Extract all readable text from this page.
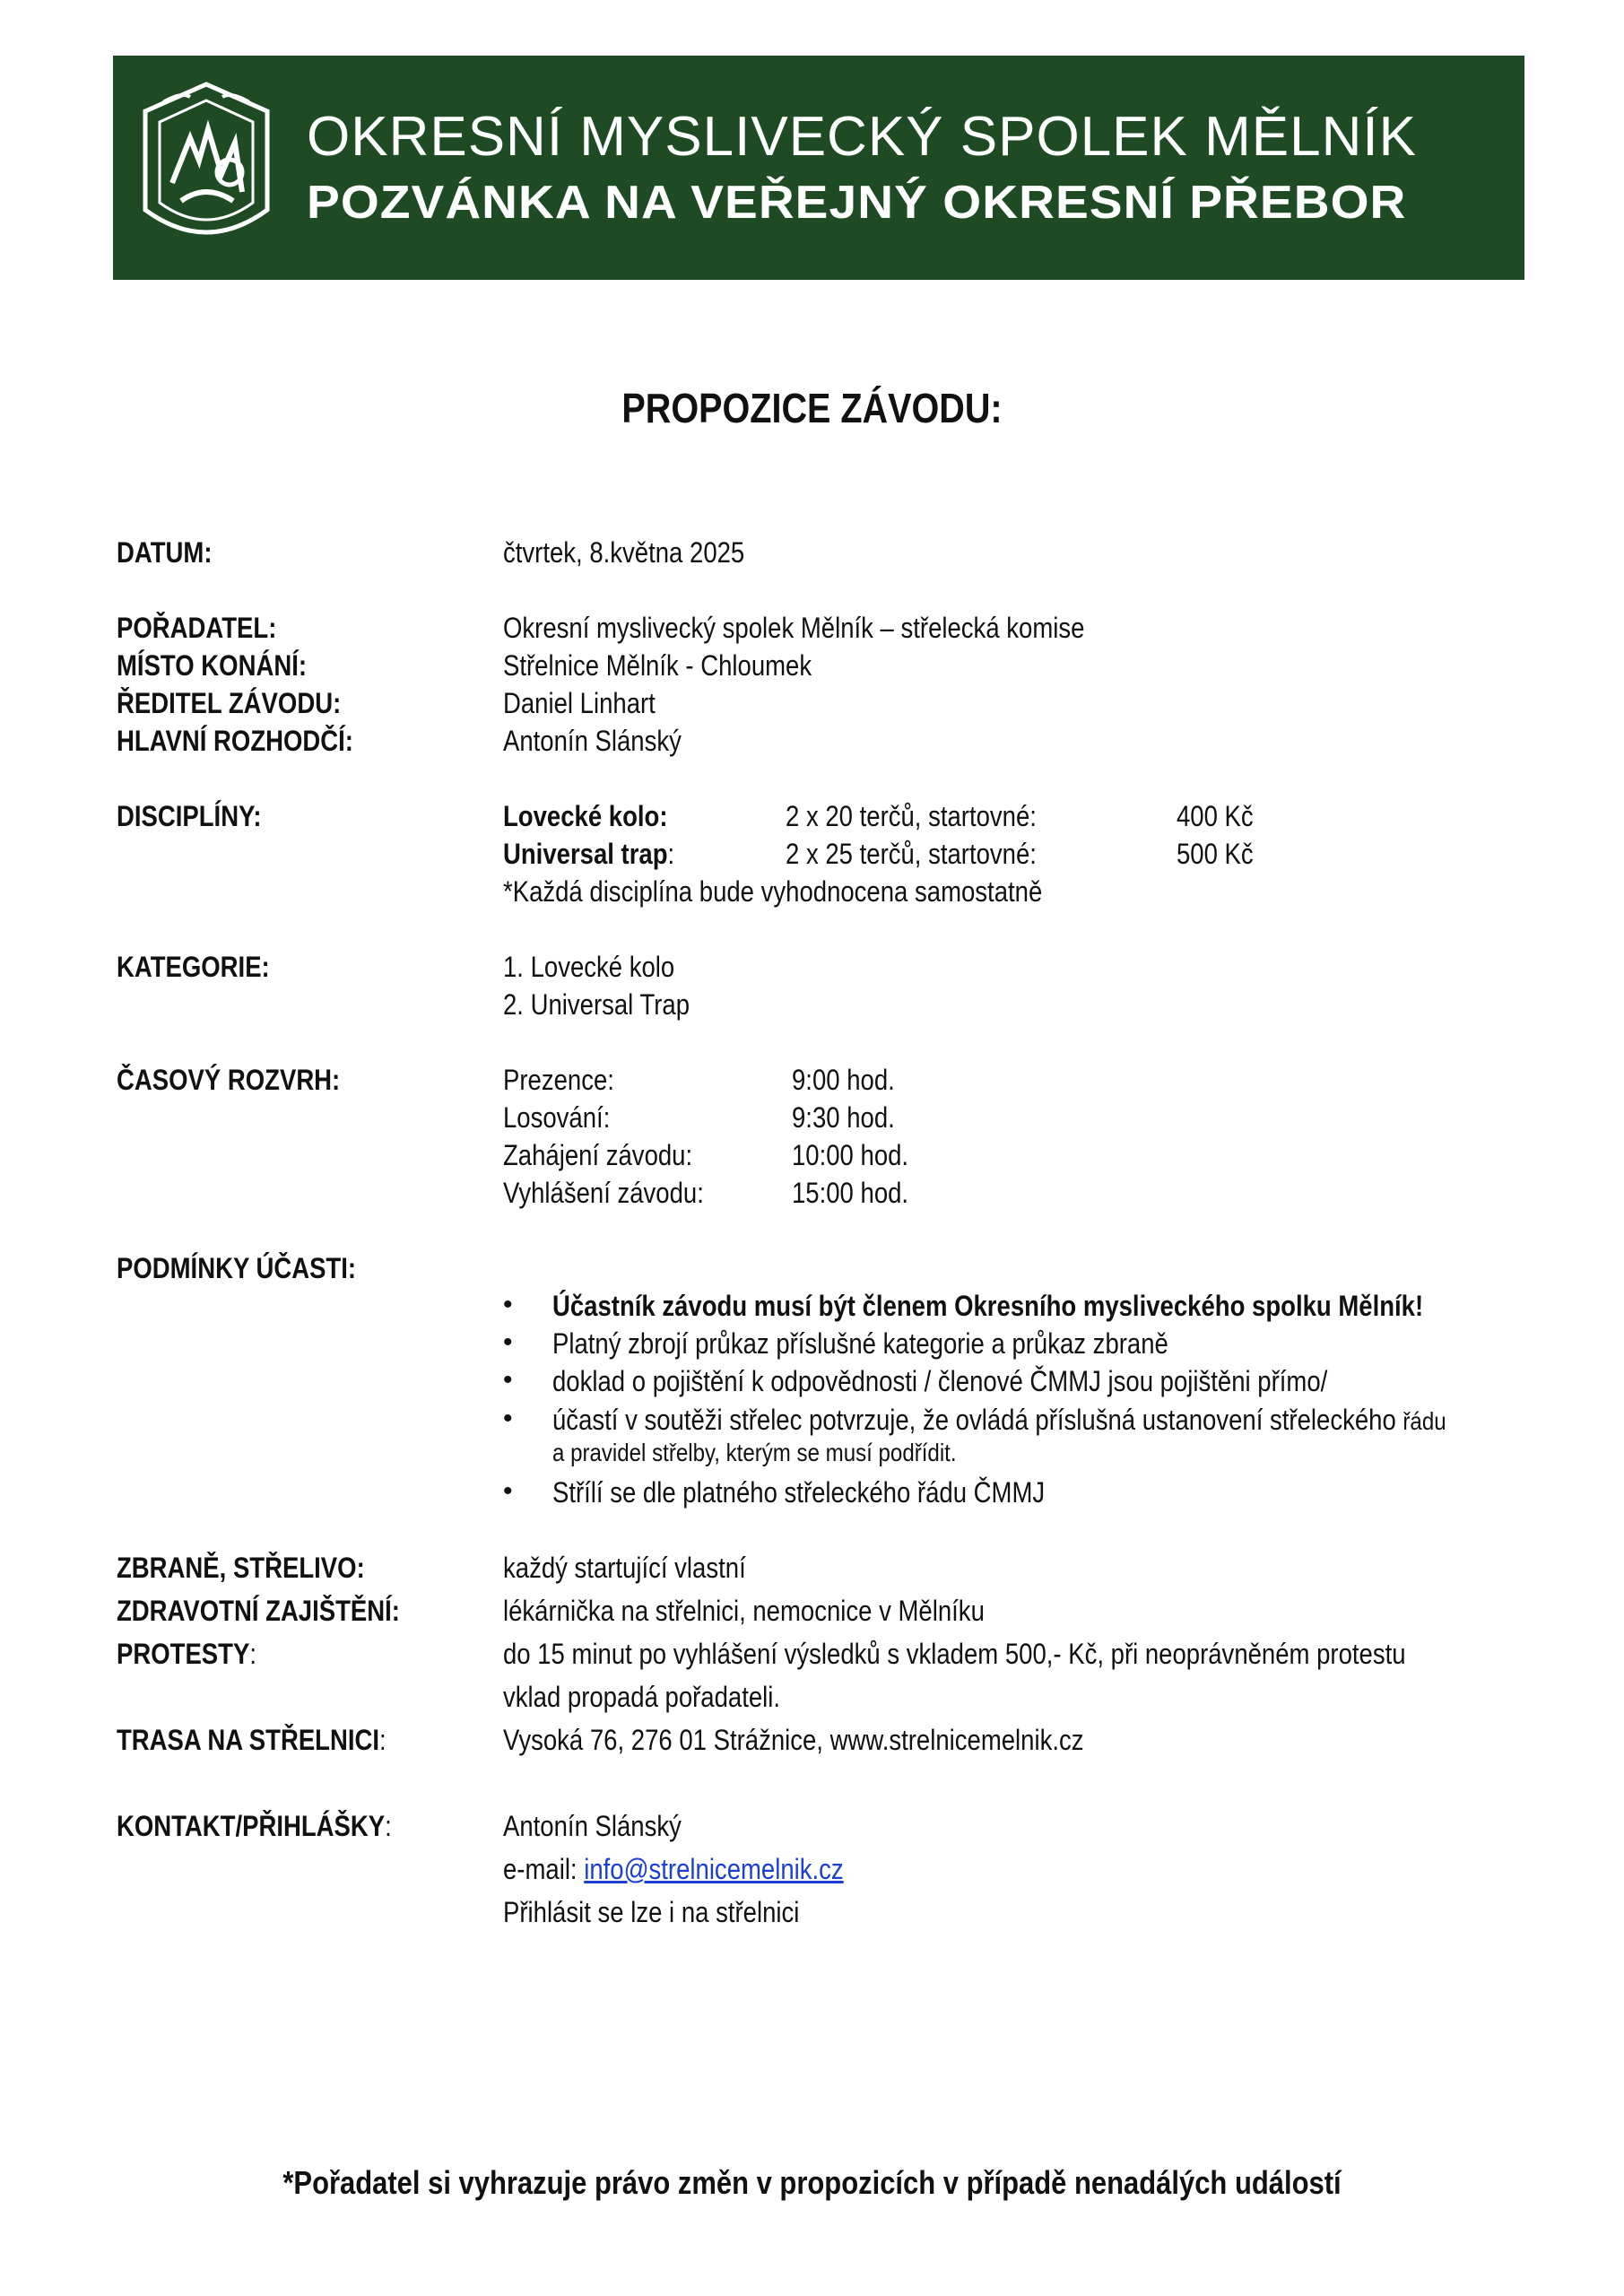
OKRESNÍ MYSLIVECKÝ SPOLEK MĚLNÍK
POZVÁNKA NA VEŘEJNÝ OKRESNÍ PŘEBOR
PROPOZICE ZÁVODU:
DATUM:	čtvrtek, 8.května 2025
POŘADATEL:	Okresní myslivecký spolek Mělník – střelecká komise
MÍSTO KONÁNÍ:	Střelnice Mělník - Chloumek
ŘEDITEL ZÁVODU:	Daniel Linhart
HLAVNÍ ROZHODČÍ:	Antonín Slánský
DISCIPLÍNY:	Lovecké kolo:	2 x 20 terčů, startovné:	400 Kč
Universal trap:	2 x 25 terčů, startovné:	500 Kč
*Každá disciplína bude vyhodnocena samostatně
KATEGORIE:	1. Lovecké kolo
2. Universal Trap
ČASOVÝ ROZVRH:	Prezence:	9:00 hod.
Losování:	9:30 hod.
Zahájení závodu:	10:00 hod.
Vyhlášení závodu:	15:00 hod.
PODMÍNKY ÚČASTI:
• Účastník závodu musí být členem Okresního mysliveckého spolku Mělník!
• Platný zbrojí průkaz příslušné kategorie a průkaz zbraně
• doklad o pojištění k odpovědnosti / členové ČMMJ jsou pojištěni přímo/
• účastí v soutěži střelec potvrzuje, že ovládá příslušná ustanovení střeleckého řádu
a pravidel střelby, kterým se musí podřídit.
• Střílí se dle platného střeleckého řádu ČMMJ
ZBRANĚ, STŘELIVO:	každý startující vlastní
ZDRAVOTNÍ ZAJIŠTĚNÍ:	lékárnička na střelnici, nemocnice v Mělníku
PROTESTY:	do 15 minut po vyhlášení výsledků s vkladem 500,- Kč, při neoprávněném protestu
vklad propadá pořadateli.
TRASA NA STŘELNICI:	Vysoká 76, 276 01 Strážnice, www.strelnicemelnik.cz
KONTAKT/PŘIHLÁŠKY:	Antonín Slánský
e-mail: info@strelnicemelnik.cz
Přihlásit se lze i na střelnici
*Pořadatel si vyhrazuje právo změn v propozicích v případě nenadálých událostí
